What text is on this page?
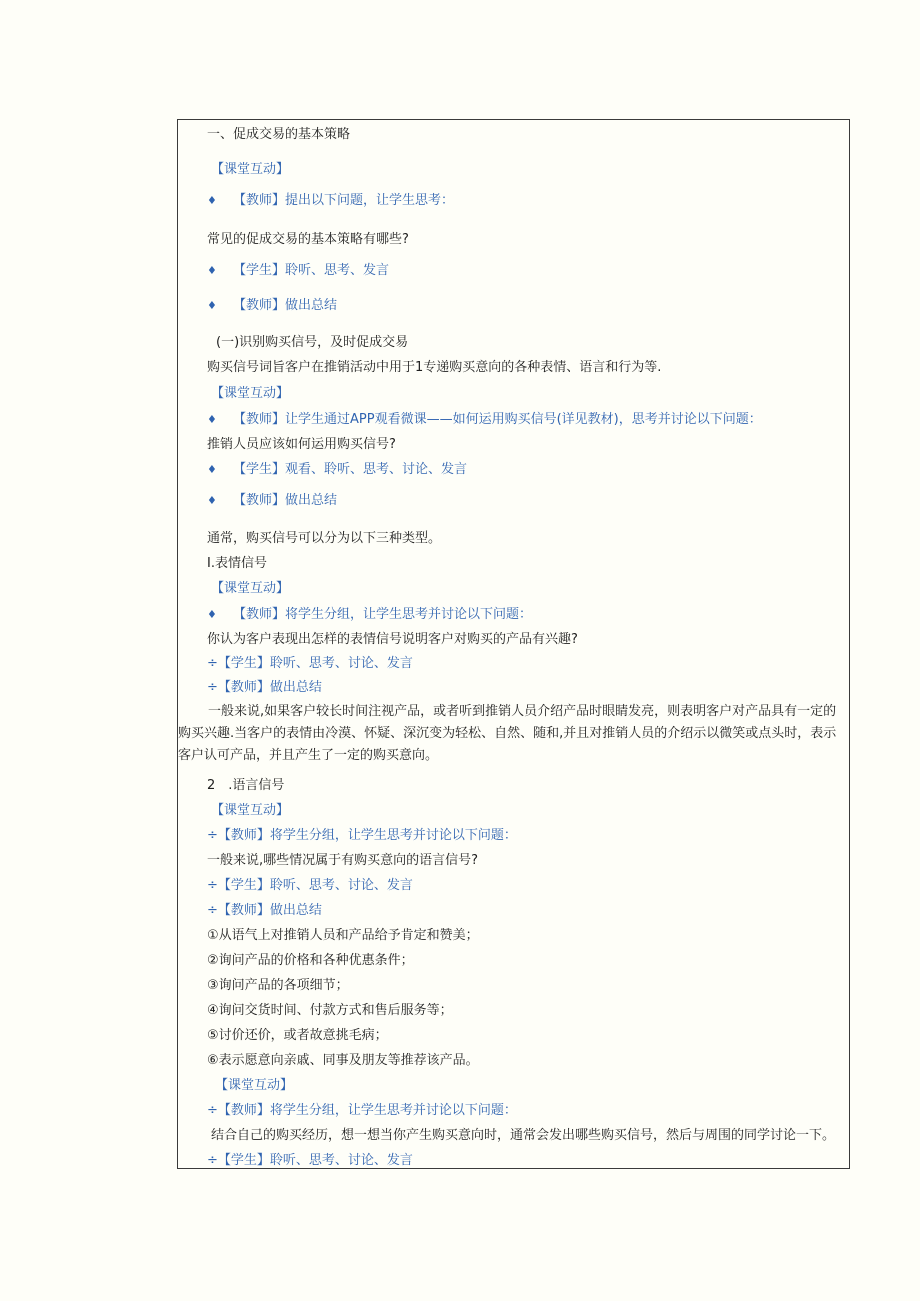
一般来说,如果客户较长时间注视产品，或者听到推销人员介绍产品时眼睛发亮，则表明客户对产品具有一定的购买兴趣.当客户的表情由冷漠、怀疑、深沉变为轻松、自然、随和,并且对推销人员的介绍示以微笑或点头时，表示客户认可产品，并且产生了一定的购买意向。
一、促成交易的基本策略
【课堂互动】
♦ 【教师】提出以下问题，让学生思考：
常见的促成交易的基本策略有哪些?
♦ 【学生】聆听、思考、发言
♦ 【教师】做出总结
(一)识别购买信号，及时促成交易
购买信号词旨客户在推销活动中用于1专递购买意向的各种表情、语言和行为等.
【课堂互动】
♦ 【教师】让学生通过APP观看微课——如何运用购买信号(详见教材)，思考并讨论以下问题：
推销人员应该如何运用购买信号?
♦ 【学生】观看、聆听、思考、讨论、发言
♦ 【教师】做出总结
通常，购买信号可以分为以下三种类型。
I.表情信号
【课堂互动】
♦ 【教师】将学生分组，让学生思考并讨论以下问题：
你认为客户表现出怎样的表情信号说明客户对购买的产品有兴趣?
÷【学生】聆听、思考、讨论、发言
÷【教师】做出总结
2　.语言信号
【课堂互动】
÷【教师】将学生分组，让学生思考并讨论以下问题：
一般来说,哪些情况属于有购买意向的语言信号?
÷【学生】聆听、思考、讨论、发言
÷【教师】做出总结
①从语气上对推销人员和产品给予肯定和赞美；
②询问产品的价格和各种优惠条件；
③询问产品的各项细节；
④询问交货时间、付款方式和售后服务等；
⑤讨价还价，或者故意挑毛病；
⑥表示愿意向亲戚、同事及朋友等推荐该产品。
【课堂互动】
÷【教师】将学生分组，让学生思考并讨论以下问题：
结合自己的购买经历，想一想当你产生购买意向时，通常会发出哪些购买信号，然后与周围的同学讨论一下。
÷【学生】聆听、思考、讨论、发言
